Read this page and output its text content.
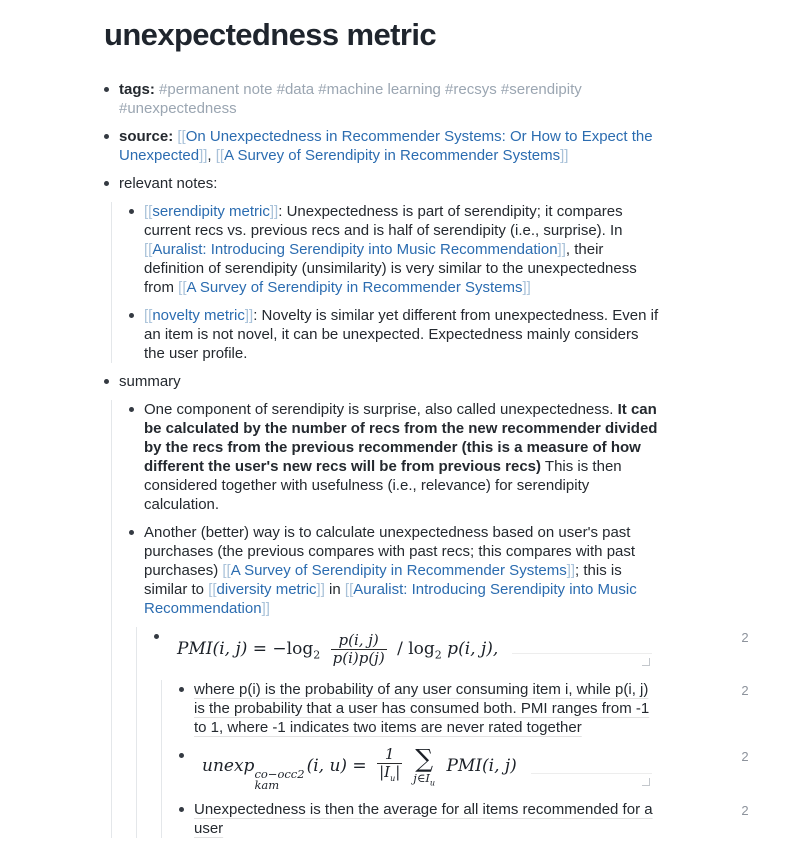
unexpectedness metric
tags: #permanent note #data #machine learning #recsys #serendipity #unexpectedness
source: [[On Unexpectedness in Recommender Systems: Or How to Expect the Unexpected]], [[A Survey of Serendipity in Recommender Systems]]
relevant notes:
[[serendipity metric]]: Unexpectedness is part of serendipity; it compares current recs vs. previous recs and is half of serendipity (i.e., surprise). In [[Auralist: Introducing Serendipity into Music Recommendation]], their definition of serendipity (unsimilarity) is very similar to the unexpectedness from [[A Survey of Serendipity in Recommender Systems]]
[[novelty metric]]: Novelty is similar yet different from unexpectedness. Even if an item is not novel, it can be unexpected. Expectedness mainly considers the user profile.
summary
One component of serendipity is surprise, also called unexpectedness. It can be calculated by the number of recs from the new recommender divided by the recs from the previous recommender (this is a measure of how different the user's new recs will be from previous recs) This is then considered together with usefulness (i.e., relevance) for serendipity calculation.
Another (better) way is to calculate unexpectedness based on user's past purchases (the previous compares with past recs; this compares with past purchases) [[A Survey of Serendipity in Recommender Systems]]; this is similar to [[diversity metric]] in [[Auralist: Introducing Serendipity into Music Recommendation]]
PMI(i, $j) = -\log_2 \frac{p(i, j)}{p(i)p(j)} / \log_2 p(i$, j),
2
where p(i) is the probability of any user consuming item i, while p(i, j) is the probability that a user has consumed both. PMI ranges from -1 to 1, where -1 indicates two items are never rated together
2
unexp co−occ2
kam
(i, $u) = \frac{1}{|I_u|}$ ∑
$j\in I_u$
PMI(i, j)	2
Unexpectedness is then the average for all items recommended for a user
2
